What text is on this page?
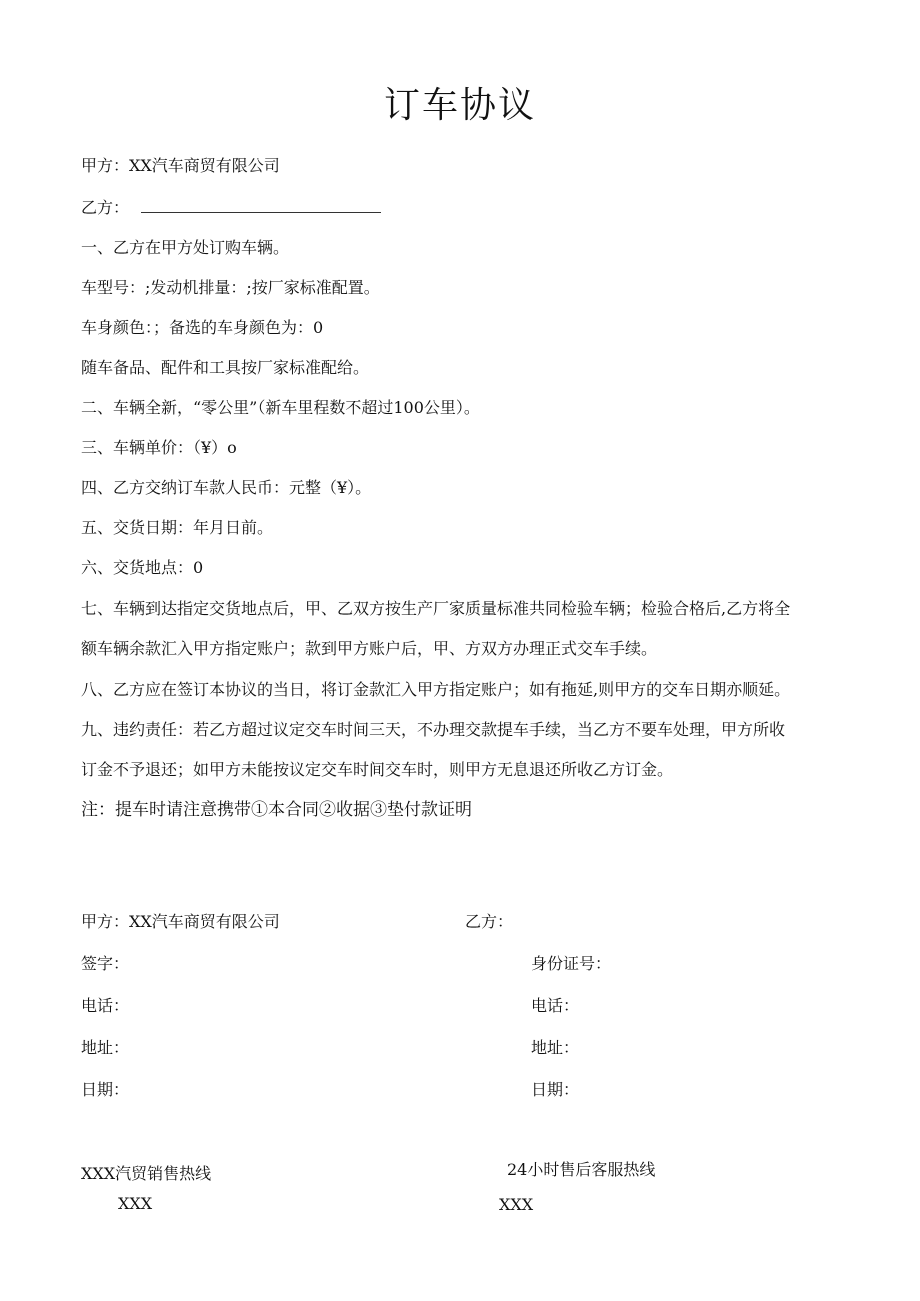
订车协议
甲方：XX汽车商贸有限公司
乙方：
一、乙方在甲方处订购车辆。
车型号：;发动机排量：;按厂家标准配置。
车身颜色：；备选的车身颜色为：0
随车备品、配件和工具按厂家标准配给。
二、车辆全新，“零公里”（新车里程数不超过100公里）。
三、车辆单价：（¥）o
四、乙方交纳订车款人民币：元整（¥）。
五、交货日期：年月日前。
六、交货地点：0
七、车辆到达指定交货地点后，甲、乙双方按生产厂家质量标准共同检验车辆；检验合格后,乙方将全
额车辆余款汇入甲方指定账户；款到甲方账户后，甲、方双方办理正式交车手续。
八、乙方应在签订本协议的当日，将订金款汇入甲方指定账户；如有拖延,则甲方的交车日期亦顺延。
九、违约责任：若乙方超过议定交车时间三天，不办理交款提车手续，当乙方不要车处理，甲方所收
订金不予退还；如甲方未能按议定交车时间交车时，则甲方无息退还所收乙方订金。
注：提车时请注意携带①本合同②收据③垫付款证明
甲方：XX汽车商贸有限公司
签字：
电话：
地址：
日期：
乙方：
身份证号：
电话：
地址：
日期：
XXX汽贸销售热线
XXX
24小时售后客服热线
XXX
